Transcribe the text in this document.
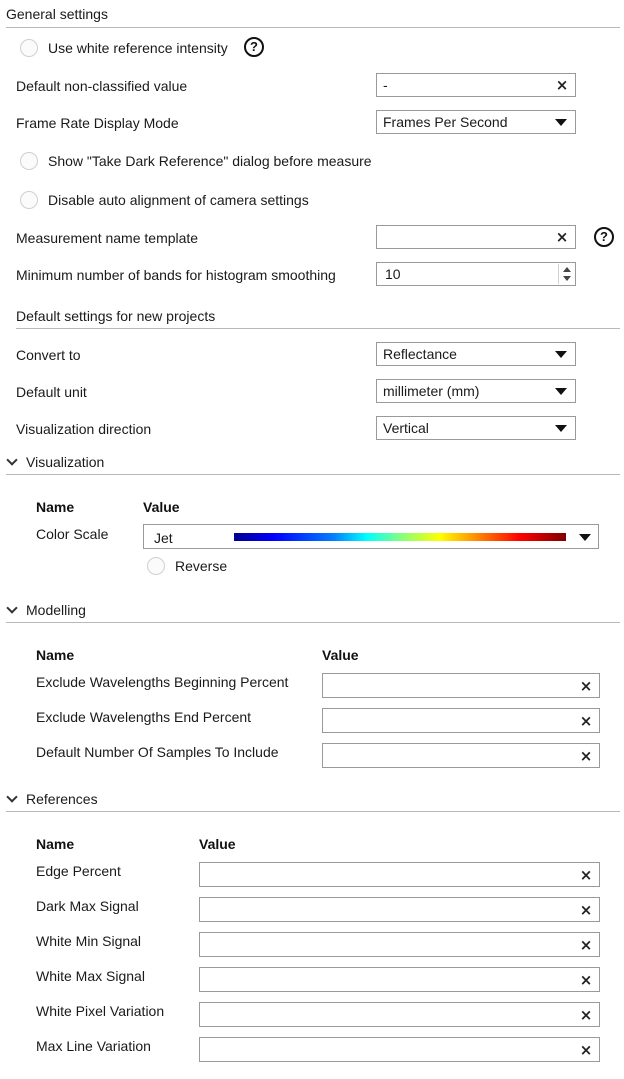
General settings
Use white reference intensity	?
Default non-classified value	-	×
Frame Rate Display Mode	Frames Per Second
Show "Take Dark Reference" dialog before measure
Disable auto alignment of camera settings
Measurement name template	×	?
Minimum number of bands for histogram smoothing	10
Default settings for new projects
Convert to	Reflectance
Default unit	millimeter (mm)
Visualization direction	Vertical
Visualization
Name	Value
Color Scale	Jet
Reverse
Modelling
Name	Value
Exclude Wavelengths Beginning Percent	×
Exclude Wavelengths End Percent	×
Default Number Of Samples To Include	×
References
Name	Value
Edge Percent	×
Dark Max Signal	×
White Min Signal	×
White Max Signal	×
White Pixel Variation	×
Max Line Variation	×
